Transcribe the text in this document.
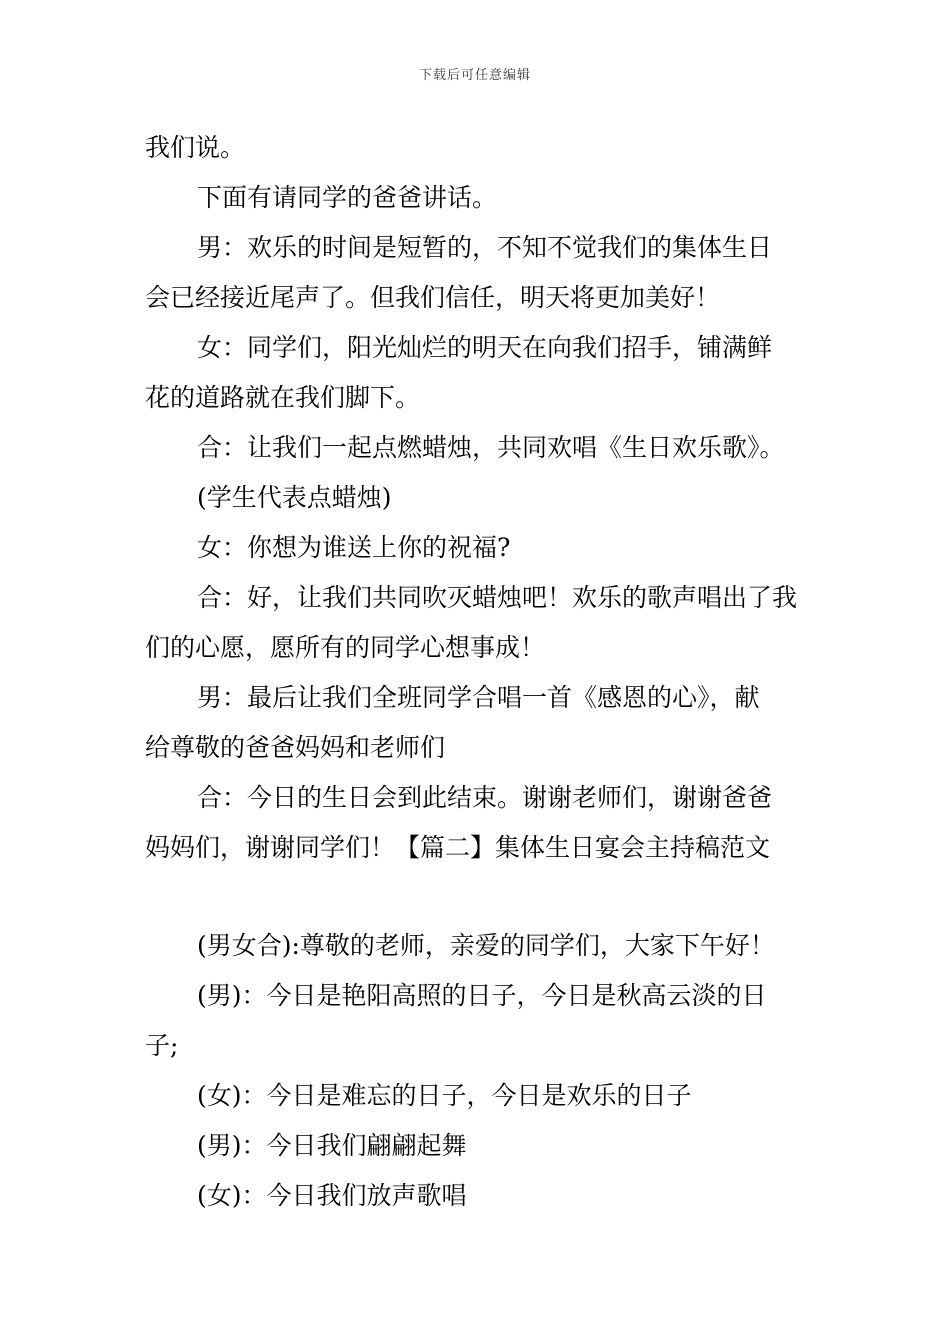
下载后可任意编辑
我们说。
下面有请同学的爸爸讲话。
男：欢乐的时间是短暂的，不知不觉我们的集体生日
会已经接近尾声了。但我们信任，明天将更加美好！
女：同学们，阳光灿烂的明天在向我们招手，铺满鲜
花的道路就在我们脚下。
合：让我们一起点燃蜡烛，共同欢唱《生日欢乐歌》。
(学生代表点蜡烛)
女：你想为谁送上你的祝福?
合：好，让我们共同吹灭蜡烛吧！欢乐的歌声唱出了我
们的心愿，愿所有的同学心想事成！
男：最后让我们全班同学合唱一首《感恩的心》，献
给尊敬的爸爸妈妈和老师们
合：今日的生日会到此结束。谢谢老师们，谢谢爸爸
妈妈们，谢谢同学们！【篇二】集体生日宴会主持稿范文
(男女合):尊敬的老师，亲爱的同学们，大家下午好！
(男)：今日是艳阳高照的日子，今日是秋高云淡的日
子;
(女)：今日是难忘的日子，今日是欢乐的日子
(男)：今日我们翩翩起舞
(女)：今日我们放声歌唱
